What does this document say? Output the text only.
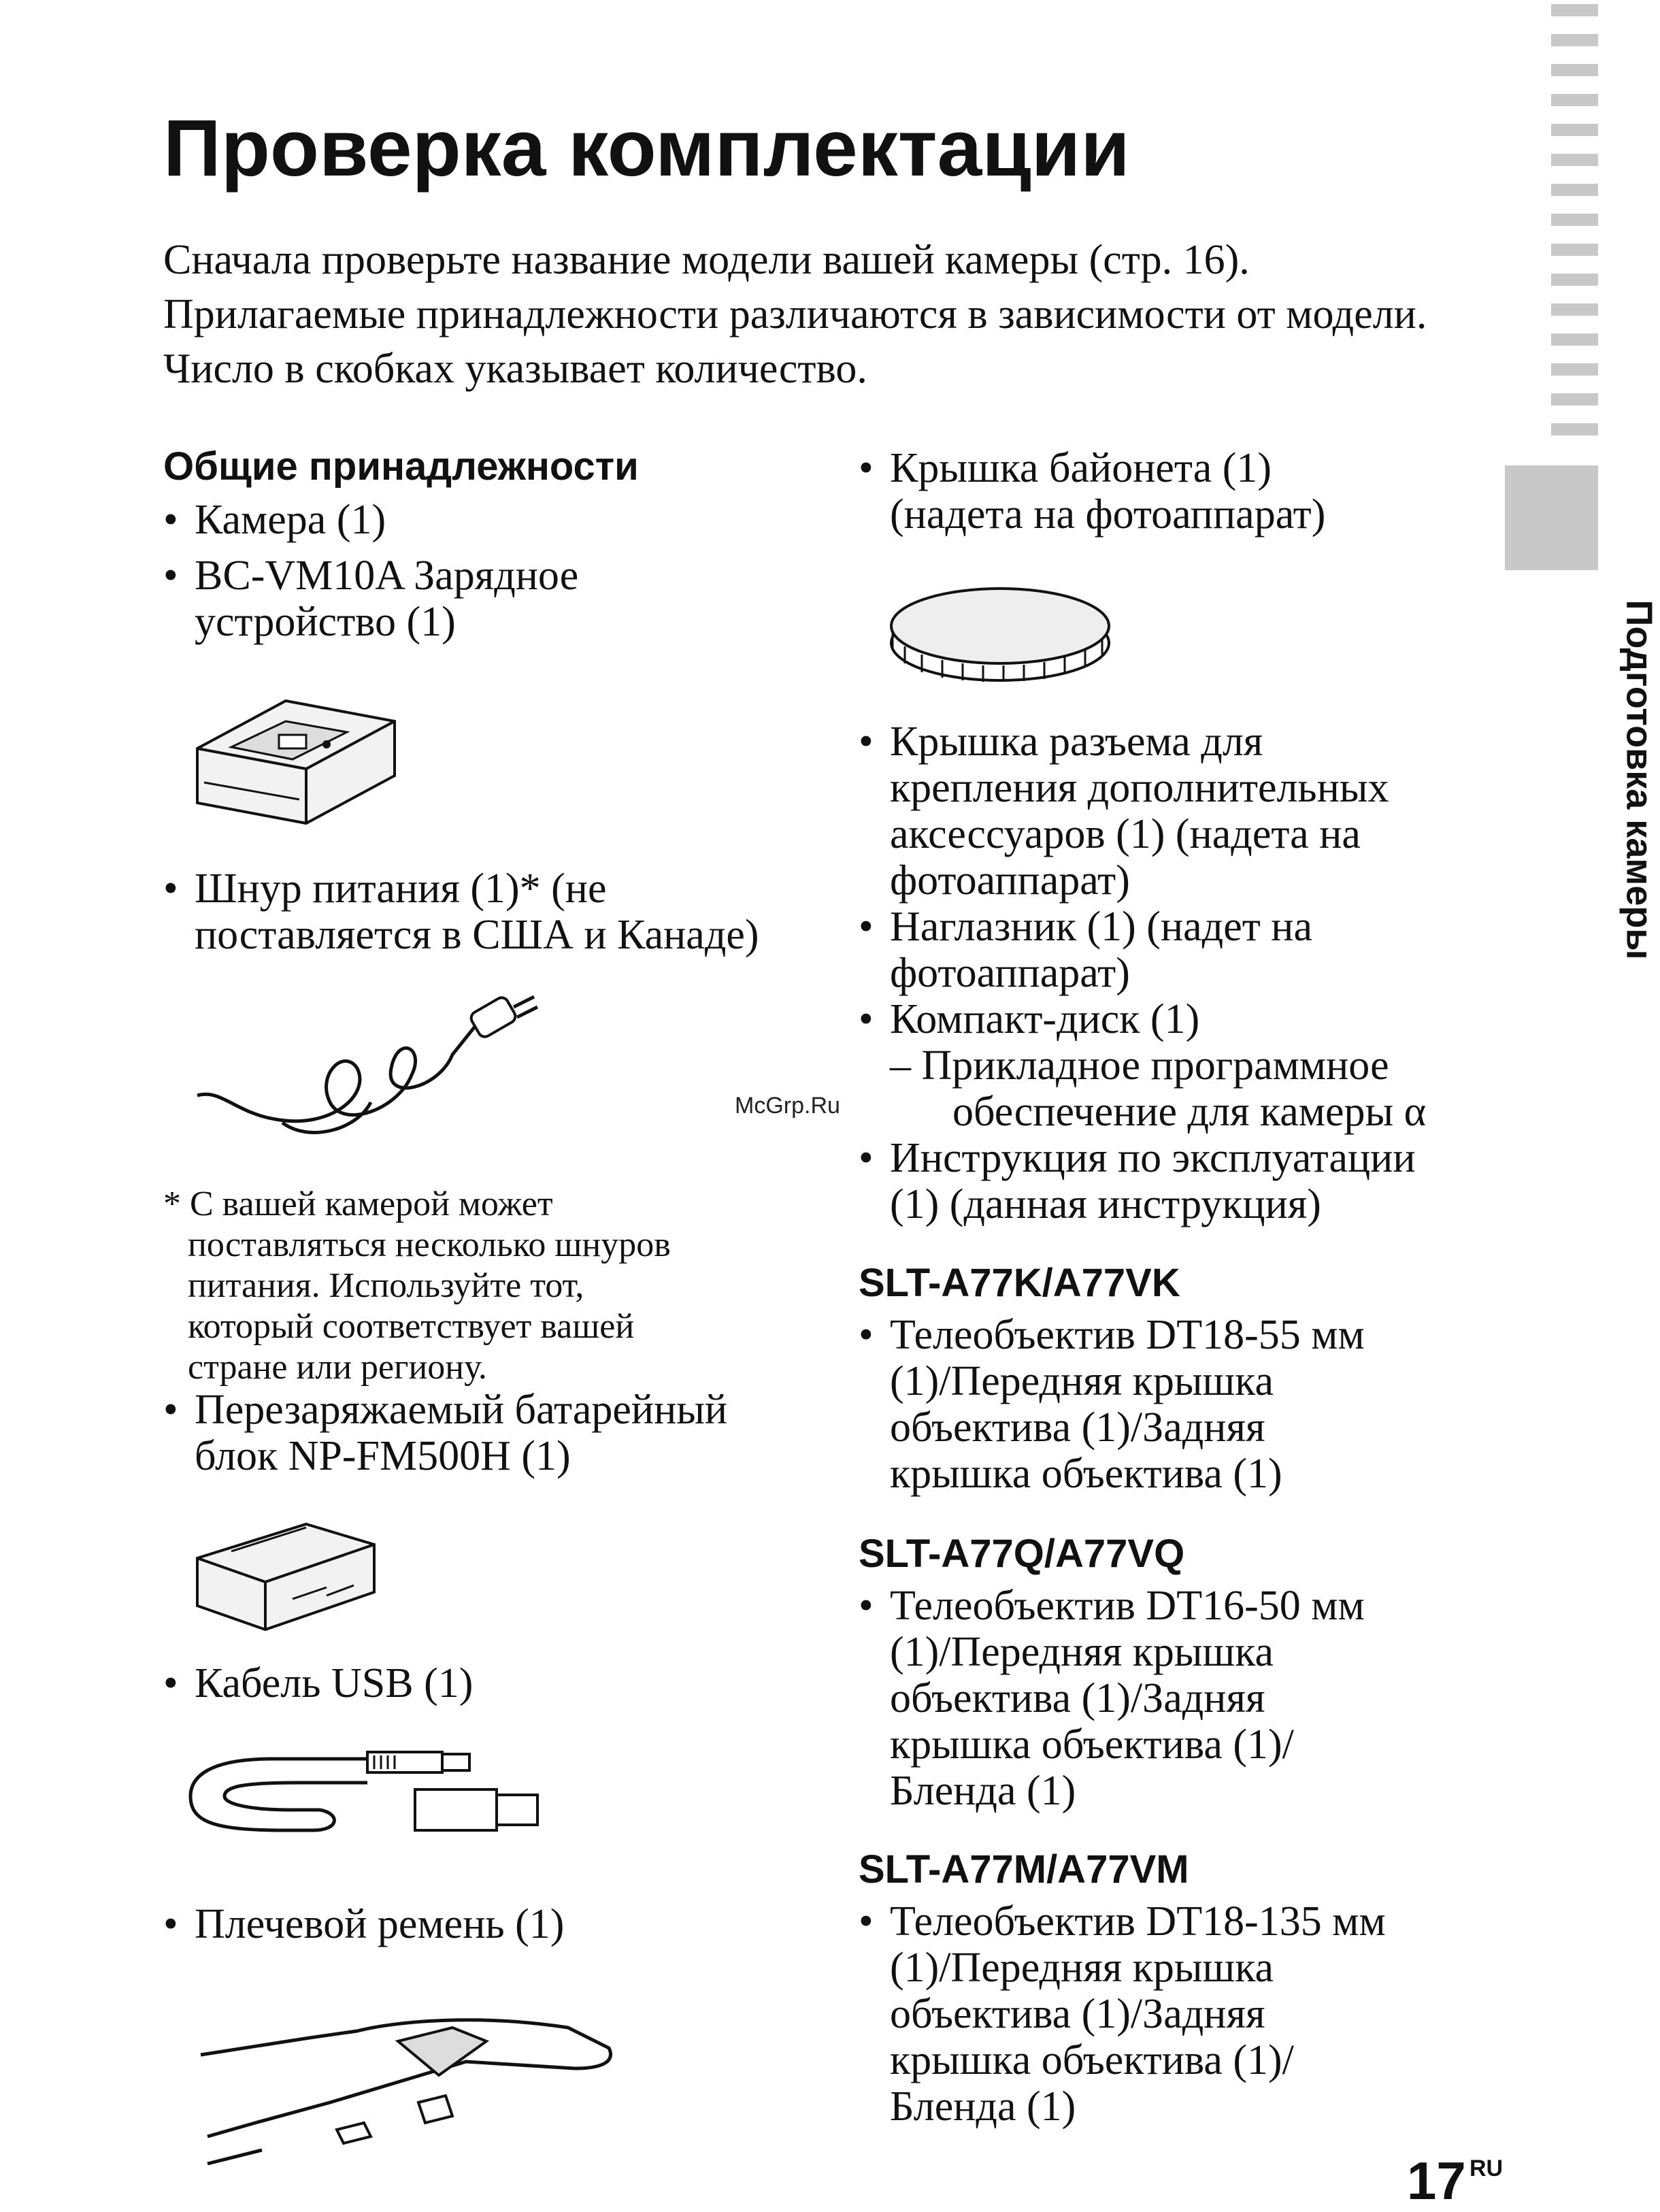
Подготовка камеры
Проверка комплектации
Сначала проверьте название модели вашей камеры (стр. 16).
Прилагаемые принадлежности различаются в зависимости от модели.
Число в скобках указывает количество.
Общие принадлежности
• Камера (1)
• BC-VM10A Зарядное
устройство (1)
• Шнур питания (1)* (не
поставляется в США и Канаде)
* С вашей камерой может
поставляться несколько шнуров
питания. Используйте тот,
который соответствует вашей
стране или региону.
• Перезаряжаемый батарейный
блок NP-FM500H (1)
• Кабель USB (1)
• Плечевой ремень (1)
• Крышка байонета (1)
(надета на фотоаппарат)
• Крышка разъема для
крепления дополнительных
аксессуаров (1) (надета на
фотоаппарат)
• Наглазник (1) (надет на
фотоаппарат)
• Компакт-диск (1)
– Прикладное программное
обеспечение для камеры α
• Инструкция по эксплуатации
(1) (данная инструкция)
SLT-A77K/A77VK
• Телеобъектив DT18-55 мм
(1)/Передняя крышка
объектива (1)/Задняя
крышка объектива (1)
SLT-A77Q/A77VQ
• Телеобъектив DT16-50 мм
(1)/Передняя крышка
объектива (1)/Задняя
крышка объектива (1)/
Бленда (1)
SLT-A77M/A77VM
• Телеобъектив DT18-135 мм
(1)/Передняя крышка
объектива (1)/Задняя
крышка объектива (1)/
Бленда (1)
McGrp.Ru
17 RU
